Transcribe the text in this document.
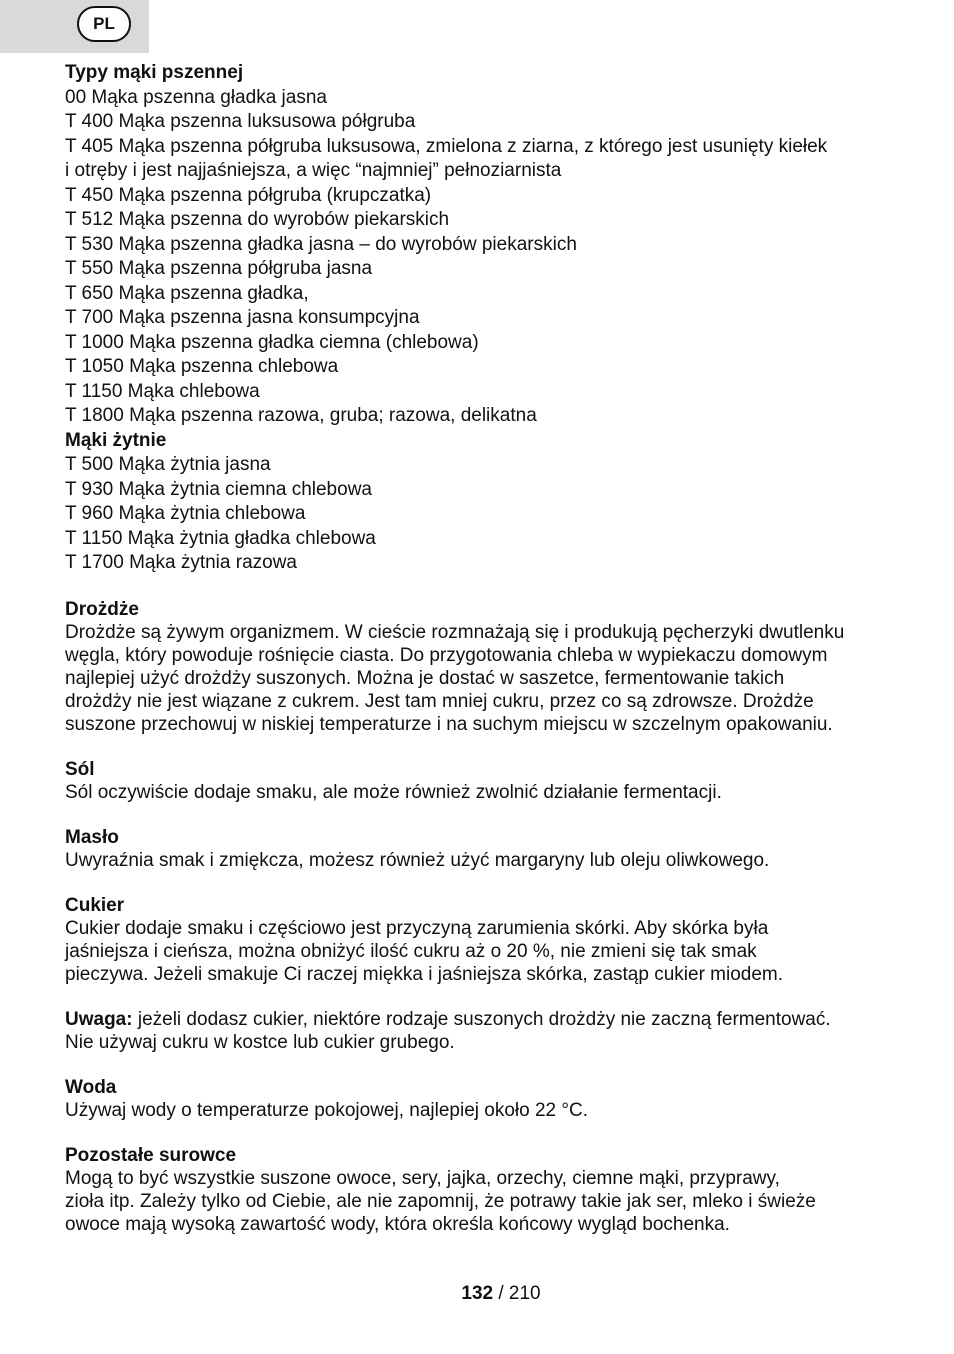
PL
Typy mąki pszennej
00 Mąka pszenna gładka jasna
T 400 Mąka pszenna luksusowa półgruba
T 405 Mąka pszenna półgruba luksusowa, zmielona z ziarna, z którego jest usunięty kiełek
i otręby i jest najjaśniejsza, a więc “najmniej” pełnoziarnista
T 450 Mąka pszenna półgruba (krupczatka)
T 512 Mąka pszenna do wyrobów piekarskich
T 530 Mąka pszenna gładka jasna – do wyrobów piekarskich
T 550 Mąka pszenna półgruba jasna
T 650 Mąka pszenna gładka,
T 700 Mąka pszenna jasna konsumpcyjna
T 1000 Mąka pszenna gładka ciemna (chlebowa)
T 1050 Mąka pszenna chlebowa
T 1150 Mąka chlebowa
T 1800 Mąka pszenna razowa, gruba; razowa, delikatna
Mąki żytnie
T 500 Mąka żytnia jasna
T 930 Mąka żytnia ciemna chlebowa
T 960 Mąka żytnia chlebowa
T 1150 Mąka żytnia gładka chlebowa
T 1700 Mąka żytnia razowa
Drożdże
Drożdże są żywym organizmem. W cieście rozmnażają się i produkują pęcherzyki dwutlenku
węgla, który powoduje rośnięcie ciasta. Do przygotowania chleba w wypiekaczu domowym
najlepiej użyć drożdży suszonych. Można je dostać w saszetce, fermentowanie takich
drożdży nie jest wiązane z cukrem. Jest tam mniej cukru, przez co są zdrowsze. Drożdże
suszone przechowuj w niskiej temperaturze i na suchym miejscu w szczelnym opakowaniu.
Sól
Sól oczywiście dodaje smaku, ale może również zwolnić działanie fermentacji.
Masło
Uwyraźnia smak i zmiękcza, możesz również użyć margaryny lub oleju oliwkowego.
Cukier
Cukier dodaje smaku i częściowo jest przyczyną zarumienia skórki. Aby skórka była
jaśniejsza i cieńsza, można obniżyć ilość cukru aż o 20 %, nie zmieni się tak smak
pieczywa. Jeżeli smakuje Ci raczej miękka i jaśniejsza skórka, zastąp cukier miodem.
Uwaga: jeżeli dodasz cukier, niektóre rodzaje suszonych drożdży nie zaczną fermentować.
Nie używaj cukru w kostce lub cukier grubego.
Woda
Używaj wody o temperaturze pokojowej, najlepiej około 22 °C.
Pozostałe surowce
Mogą to być wszystkie suszone owoce, sery, jajka, orzechy, ciemne mąki, przyprawy,
zioła itp. Zależy tylko od Ciebie, ale nie zapomnij, że potrawy takie jak ser, mleko i świeże
owoce mają wysoką zawartość wody, która określa końcowy wygląd bochenka.
132 / 210
